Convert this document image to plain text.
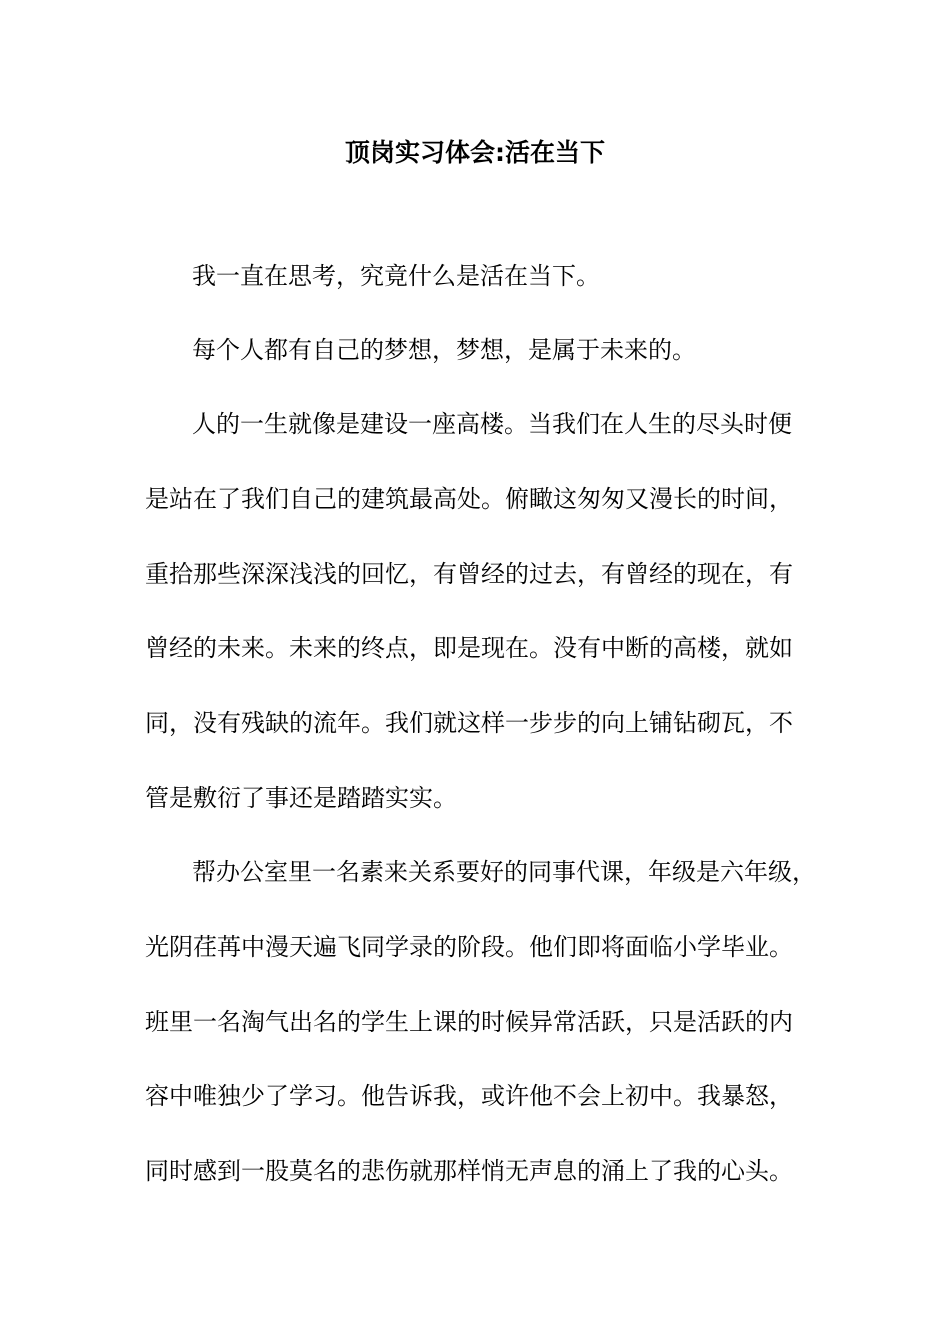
顶岗实习体会:活在当下
我一直在思考，究竟什么是活在当下。
每个人都有自己的梦想，梦想，是属于未来的。
人的一生就像是建设一座高楼。当我们在人生的尽头时便
是站在了我们自己的建筑最高处。俯瞰这匆匆又漫长的时间，
重拾那些深深浅浅的回忆，有曾经的过去，有曾经的现在，有
曾经的未来。未来的终点，即是现在。没有中断的高楼，就如
同，没有残缺的流年。我们就这样一步步的向上铺钻砌瓦，不
管是敷衍了事还是踏踏实实。
帮办公室里一名素来关系要好的同事代课，年级是六年级，
光阴荏苒中漫天遍飞同学录的阶段。他们即将面临小学毕业。
班里一名淘气出名的学生上课的时候异常活跃，只是活跃的内
容中唯独少了学习。他告诉我，或许他不会上初中。我暴怒，
同时感到一股莫名的悲伤就那样悄无声息的涌上了我的心头。
